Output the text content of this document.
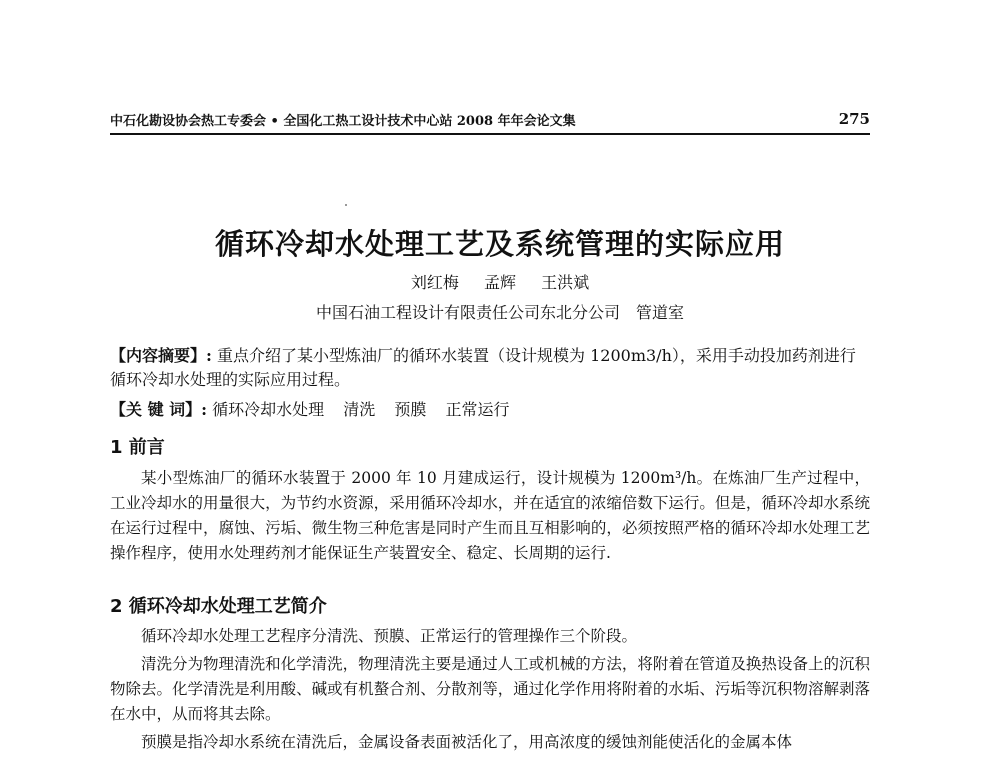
中石化勘设协会热工专委会 • 全国化工热工设计技术中心站 2008 年年会论文集	275
循环冷却水处理工艺及系统管理的实际应用
刘红梅 孟辉 王洪斌
中国石油工程设计有限责任公司东北分公司 管道室
【内容摘要】: 重点介绍了某小型炼油厂的循环水装置（设计规模为 1200m3/h），采用手动投加药剂进行循环冷却水处理的实际应用过程。
【关 键 词】: 循环冷却水处理 清洗 预膜 正常运行
1 前言
某小型炼油厂的循环水装置于 2000 年 10 月建成运行，设计规模为 1200m³/h。在炼油厂生产过程中，工业冷却水的用量很大，为节约水资源，采用循环冷却水，并在适宜的浓缩倍数下运行。但是，循环冷却水系统在运行过程中，腐蚀、污垢、微生物三种危害是同时产生而且互相影响的，必须按照严格的循环冷却水处理工艺操作程序，使用水处理药剂才能保证生产装置安全、稳定、长周期的运行.
2 循环冷却水处理工艺简介
循环冷却水处理工艺程序分清洗、预膜、正常运行的管理操作三个阶段。
清洗分为物理清洗和化学清洗，物理清洗主要是通过人工或机械的方法，将附着在管道及换热设备上的沉积物除去。化学清洗是利用酸、碱或有机螯合剂、分散剂等，通过化学作用将附着的水垢、污垢等沉积物溶解剥落在水中，从而将其去除。
预膜是指冷却水系统在清洗后，金属设备表面被活化了，用高浓度的缓蚀剂能使活化的金属本体
